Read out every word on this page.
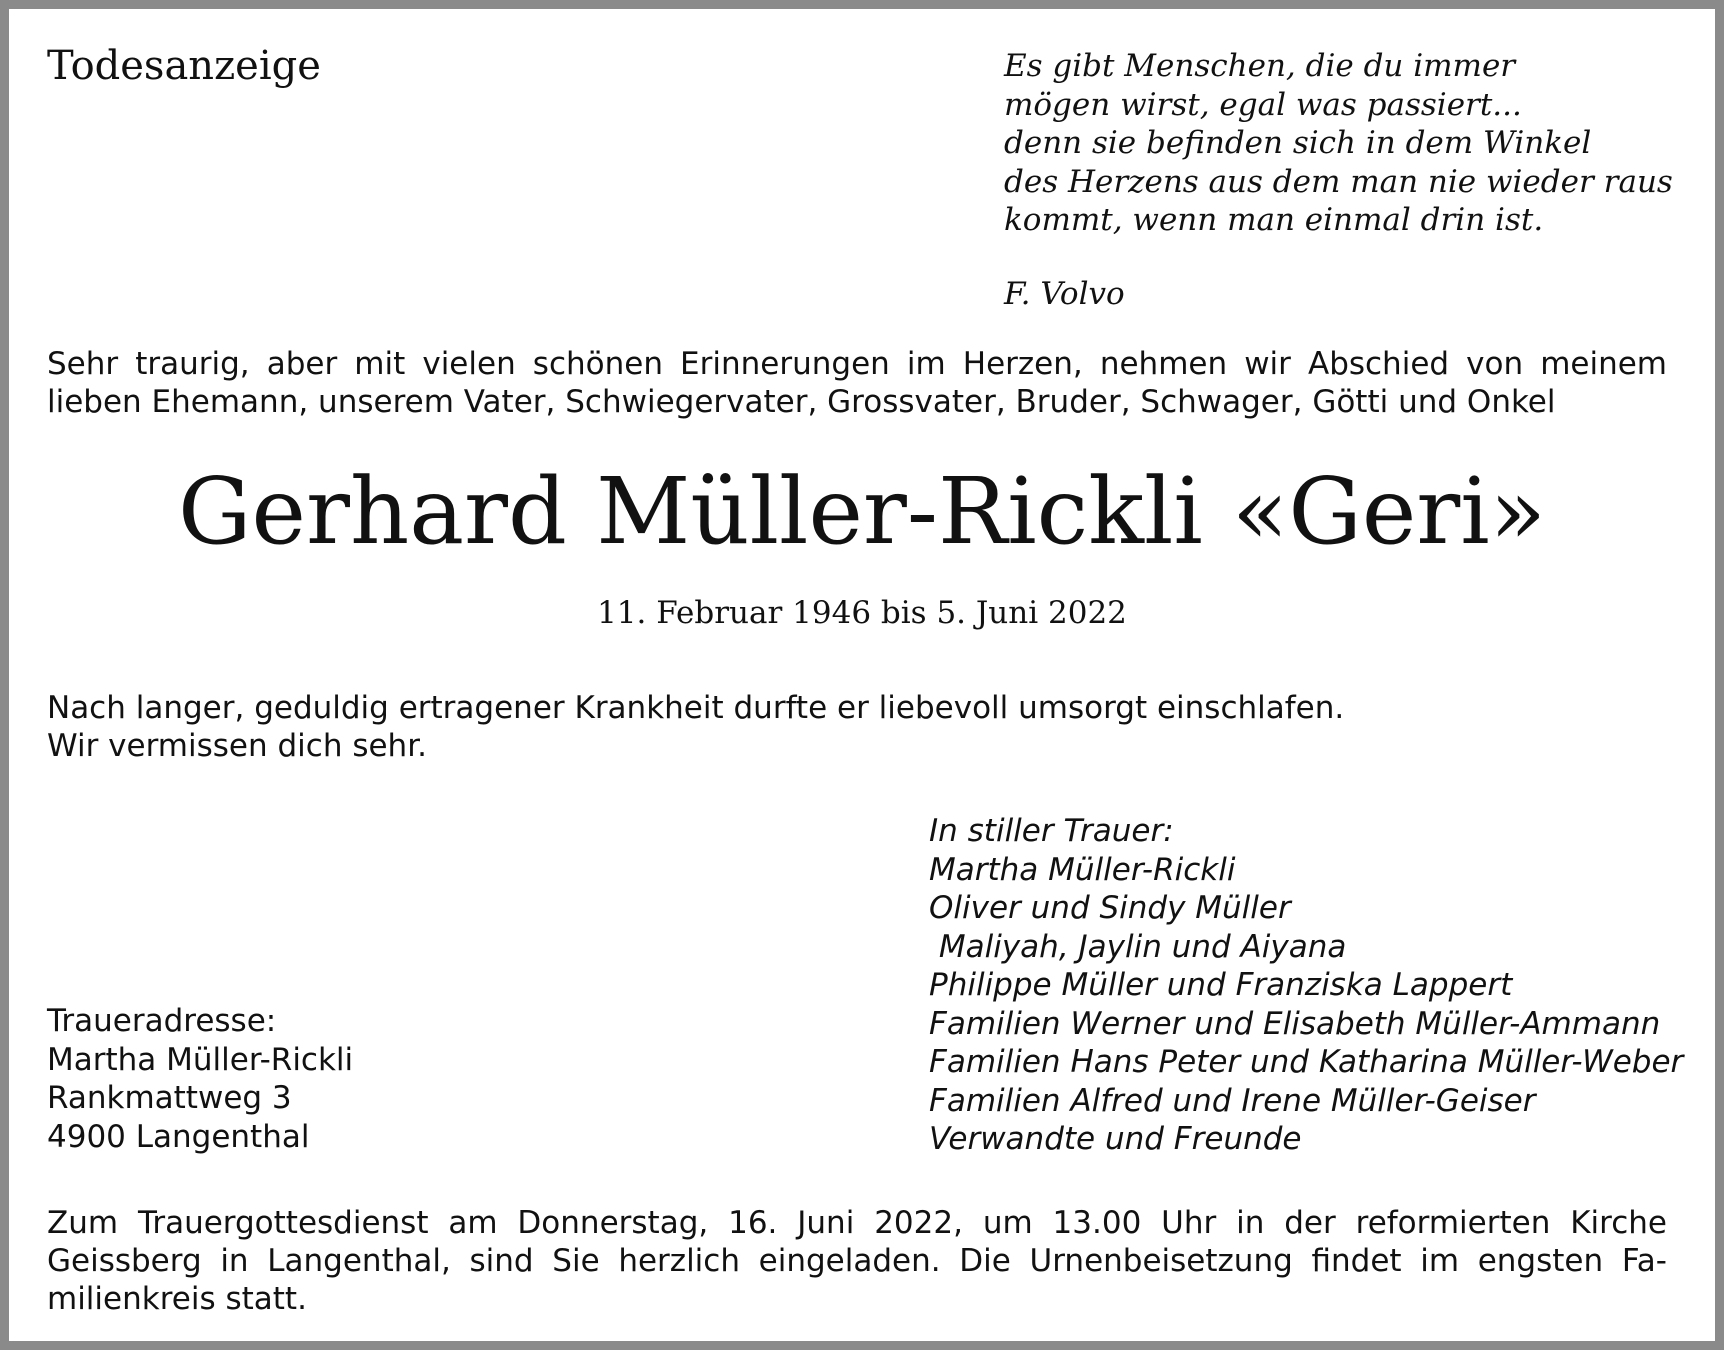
Todesanzeige	Es gibt Menschen, die du immer
mögen wirst, egal was passiert...
denn sie befinden sich in dem Winkel
des Herzens aus dem man nie wieder raus
kommt, wenn man einmal drin ist.
F. Volvo
Sehr traurig, aber mit vielen schönen Erinnerungen im Herzen, nehmen wir Abschied von meinem
lieben Ehemann, unserem Vater, Schwiegervater, Grossvater, Bruder, Schwager, Götti und Onkel
Gerhard Müller-Rickli «Geri»
11. Februar 1946 bis 5. Juni 2022
Nach langer, geduldig ertragener Krankheit durfte er liebevoll umsorgt einschlafen.
Wir vermissen dich sehr.
In stiller Trauer:
Martha Müller-Rickli
Oliver und Sindy Müller
Maliyah, Jaylin und Aiyana
Philippe Müller und Franziska Lappert
Familien Werner und Elisabeth Müller-Ammann
Familien Hans Peter und Katharina Müller-Weber
Familien Alfred und Irene Müller-Geiser
Verwandte und Freunde
Traueradresse:
Martha Müller-Rickli
Rankmattweg 3
4900 Langenthal
Zum Trauergottesdienst am Donnerstag, 16. Juni 2022, um 13.00 Uhr in der reformierten Kirche
Geissberg in Langenthal, sind Sie herzlich eingeladen. Die Urnenbeisetzung findet im engsten Fa-
milienkreis statt.
